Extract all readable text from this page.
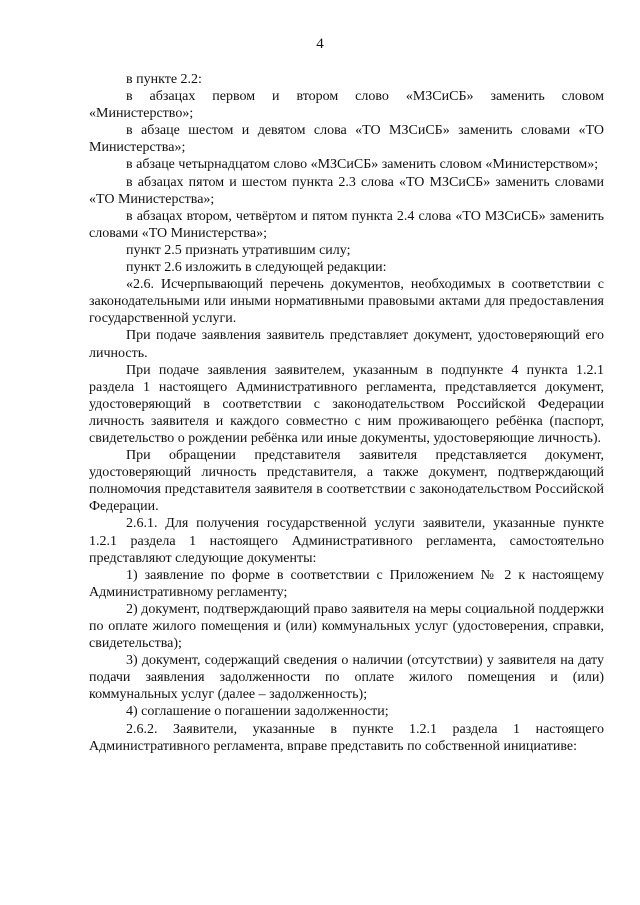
4

в пункте 2.2:

в абзацах первом и втором слово «МЗСиСБ» заменить словом «Министерство»;

в абзаце шестом и девятом слова «ТО МЗСиСБ» заменить словами «ТО Министерства»;

в абзаце четырнадцатом слово «МЗСиСБ» заменить словом «Министерством»;

в абзацах пятом и шестом пункта 2.3 слова «ТО МЗСиСБ» заменить словами «ТО Министерства»;

в абзацах втором, четвёртом и пятом пункта 2.4 слова «ТО МЗСиСБ» заменить словами «ТО Министерства»;

пункт 2.5 признать утратившим силу;

пункт 2.6 изложить в следующей редакции:

«2.6. Исчерпывающий перечень документов, необходимых в соответствии с законодательными или иными нормативными правовыми актами для предоставления государственной услуги.

При подаче заявления заявитель представляет документ, удостоверяющий его личность.

При подаче заявления заявителем, указанным в подпункте 4 пункта 1.2.1 раздела 1 настоящего Административного регламента, представляется документ, удостоверяющий в соответствии с законодательством Российской Федерации личность заявителя и каждого совместно с ним проживающего ребёнка (паспорт, свидетельство о рождении ребёнка или иные документы, удостоверяющие личность).

При обращении представителя заявителя представляется документ, удостоверяющий личность представителя, а также документ, подтверждающий полномочия представителя заявителя в соответствии с законодательством Российской Федерации.

2.6.1. Для получения государственной услуги заявители, указанные пункте 1.2.1 раздела 1 настоящего Административного регламента, самостоятельно представляют следующие документы:

1) заявление по форме в соответствии с Приложением № 2 к настоящему Административному регламенту;

2) документ, подтверждающий право заявителя на меры социальной поддержки по оплате жилого помещения и (или) коммунальных услуг (удостоверения, справки, свидетельства);

3) документ, содержащий сведения о наличии (отсутствии) у заявителя на дату подачи заявления задолженности по оплате жилого помещения и (или) коммунальных услуг (далее – задолженность);

4) соглашение о погашении задолженности;

2.6.2. Заявители, указанные в пункте 1.2.1 раздела 1 настоящего Административного регламента, вправе представить по собственной инициативе:
